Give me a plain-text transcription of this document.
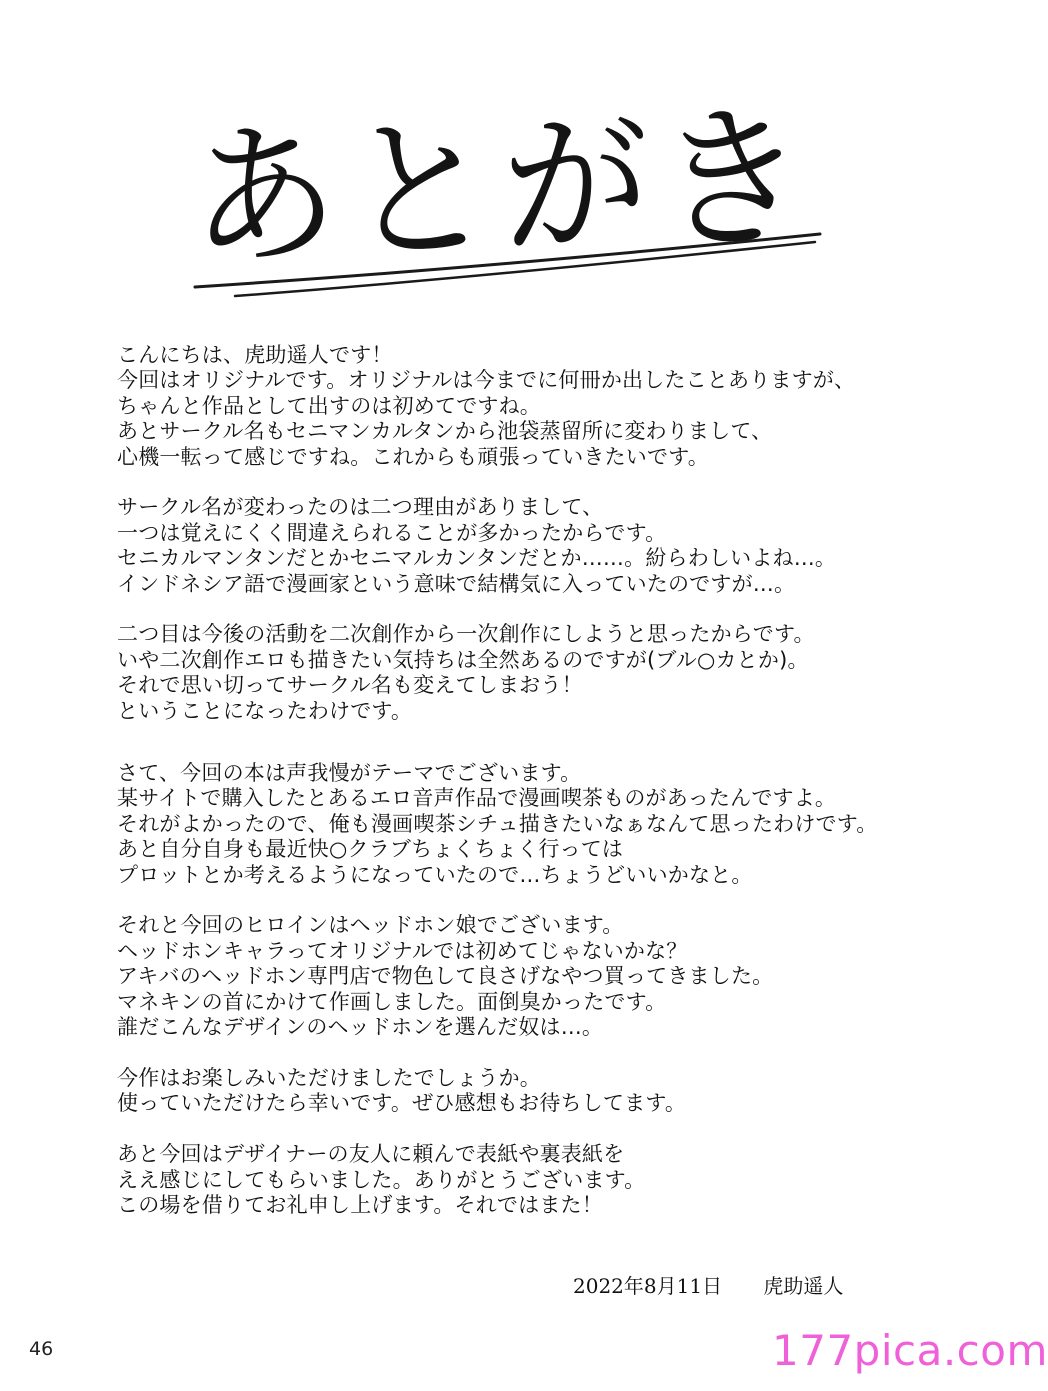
あとがき

こんにちは、虎助遥人です！
今回はオリジナルです。オリジナルは今までに何冊か出したことありますが、
ちゃんと作品として出すのは初めてですね。
あとサークル名もセニマンカルタンから池袋蒸留所に変わりまして、
心機一転って感じですね。これからも頑張っていきたいです。

サークル名が変わったのは二つ理由がありまして、
一つは覚えにくく間違えられることが多かったからです。
セニカルマンタンだとかセニマルカンタンだとか……。紛らわしいよね…。
インドネシア語で漫画家という意味で結構気に入っていたのですが…。

二つ目は今後の活動を二次創作から一次創作にしようと思ったからです。
いや二次創作エロも描きたい気持ちは全然あるのですが(ブル○カとか)。
それで思い切ってサークル名も変えてしまおう！
ということになったわけです。

さて、今回の本は声我慢がテーマでございます。
某サイトで購入したとあるエロ音声作品で漫画喫茶ものがあったんですよ。
それがよかったので、俺も漫画喫茶シチュ描きたいなぁなんて思ったわけです。
あと自分自身も最近快○クラブちょくちょく行っては
プロットとか考えるようになっていたので…ちょうどいいかなと。

それと今回のヒロインはヘッドホン娘でございます。
ヘッドホンキャラってオリジナルでは初めてじゃないかな？
アキバのヘッドホン専門店で物色して良さげなやつ買ってきました。
マネキンの首にかけて作画しました。面倒臭かったです。
誰だこんなデザインのヘッドホンを選んだ奴は…。

今作はお楽しみいただけましたでしょうか。
使っていただけたら幸いです。ぜひ感想もお待ちしてます。

あと今回はデザイナーの友人に頼んで表紙や裏表紙を
ええ感じにしてもらいました。ありがとうございます。
この場を借りてお礼申し上げます。それではまた！

2022年8月11日 虎助遥人
46	177pica.com
